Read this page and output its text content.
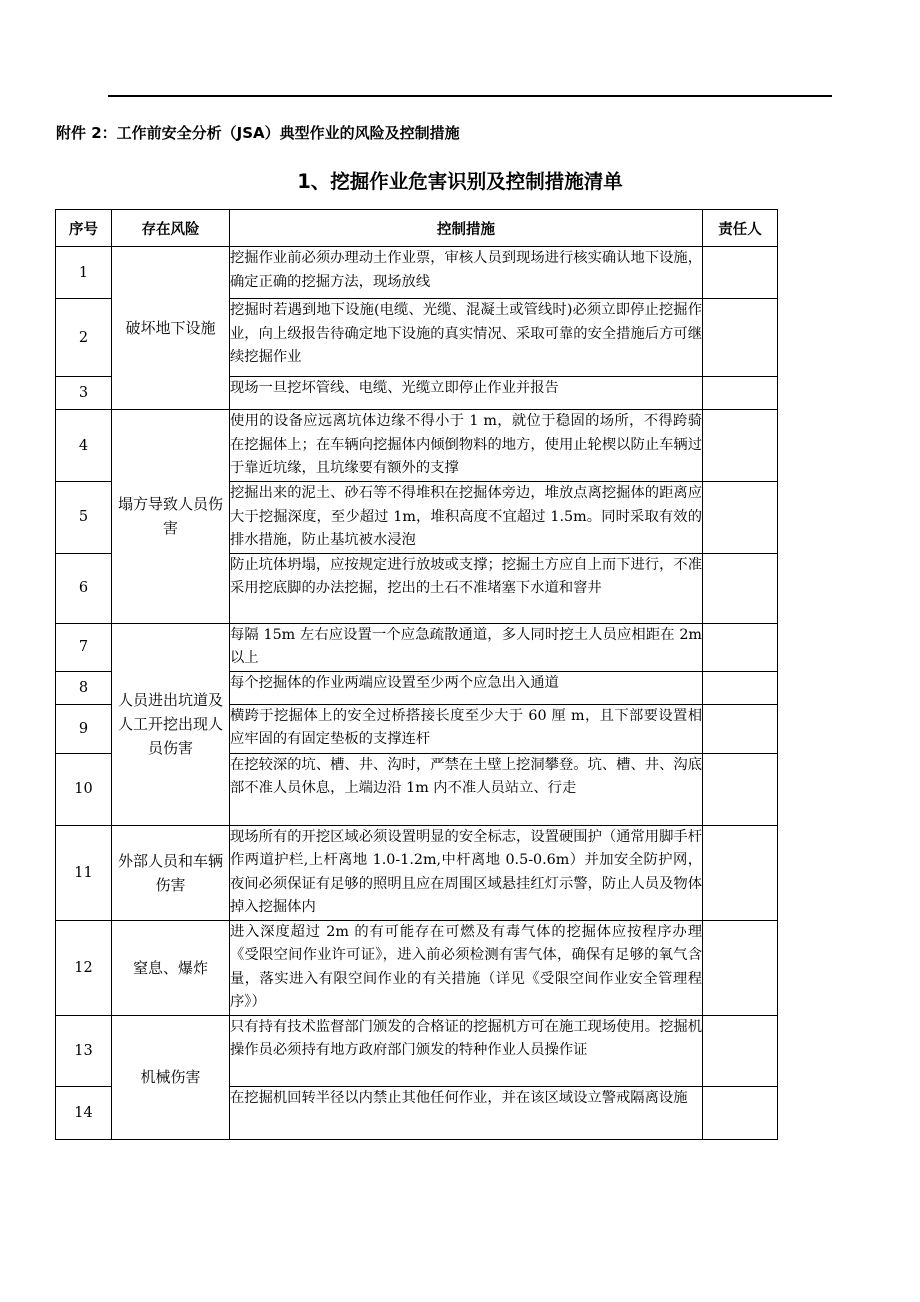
附件 2：工作前安全分析（JSA）典型作业的风险及控制措施
1、挖掘作业危害识别及控制措施清单
序号	存在风险	控制措施	责任人
1	破坏地下设施	挖掘作业前必须办理动土作业票，审核人员到现场进行核实确认地下设施，确定正确的挖掘方法，现场放线	
2		挖掘时若遇到地下设施(电缆、光缆、混凝土或管线时)必须立即停止挖掘作业，向上级报告待确定地下设施的真实情况、采取可靠的安全措施后方可继续挖掘作业	
3		现场一旦挖坏管线、电缆、光缆立即停止作业并报告	
4	塌方导致人员伤害	使用的设备应远离坑体边缘不得小于 1 m，就位于稳固的场所，不得跨骑在挖掘体上；在车辆向挖掘体内倾倒物料的地方，使用止轮楔以防止车辆过于靠近坑缘，且坑缘要有额外的支撑	
5		挖掘出来的泥土、砂石等不得堆积在挖掘体旁边，堆放点离挖掘体的距离应大于挖掘深度，至少超过 1m，堆积高度不宜超过 1.5m。同时采取有效的排水措施，防止基坑被水浸泡	
6		防止坑体坍塌，应按规定进行放坡或支撑；挖掘土方应自上而下进行，不准采用挖底脚的办法挖掘，挖出的土石不准堵塞下水道和窨井	
7	人员进出坑道及人工开挖出现人员伤害	每隔 15m 左右应设置一个应急疏散通道，多人同时挖土人员应相距在 2m 以上	
8		每个挖掘体的作业两端应设置至少两个应急出入通道	
9		横跨于挖掘体上的安全过桥搭接长度至少大于 60 厘 m，且下部要设置相应牢固的有固定垫板的支撑连杆	
10		在挖较深的坑、槽、井、沟时，严禁在土壁上挖洞攀登。坑、槽、井、沟底部不准人员休息，上端边沿 1m 内不准人员站立、行走	
11	外部人员和车辆伤害	现场所有的开挖区域必须设置明显的安全标志，设置硬围护（通常用脚手杆作两道护栏,上杆离地 1.0-1.2m,中杆离地 0.5-0.6m）并加安全防护网，夜间必须保证有足够的照明且应在周围区域悬挂红灯示警，防止人员及物体掉入挖掘体内	
12	窒息、爆炸	进入深度超过 2m 的有可能存在可燃及有毒气体的挖掘体应按程序办理《受限空间作业许可证》，进入前必须检测有害气体，确保有足够的氧气含量，落实进入有限空间作业的有关措施（详见《受限空间作业安全管理程序》）	
13	机械伤害	只有持有技术监督部门颁发的合格证的挖掘机方可在施工现场使用。挖掘机操作员必须持有地方政府部门颁发的特种作业人员操作证	
14		在挖掘机回转半径以内禁止其他任何作业，并在该区域设立警戒隔离设施	
